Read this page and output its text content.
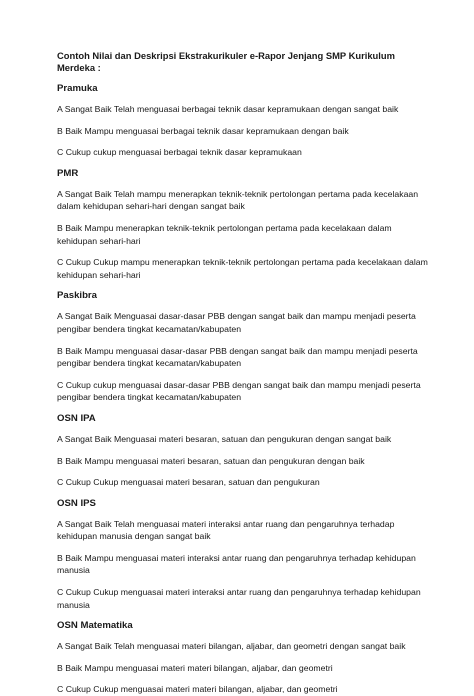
Contoh Nilai dan Deskripsi Ekstrakurikuler e-Rapor Jenjang SMP Kurikulum Merdeka :
Pramuka
A Sangat Baik Telah menguasai berbagai teknik dasar kepramukaan dengan sangat baik
B Baik Mampu menguasai berbagai teknik dasar kepramukaan dengan baik
C Cukup cukup menguasai berbagai teknik dasar kepramukaan
PMR
A Sangat Baik Telah mampu menerapkan teknik-teknik pertolongan pertama pada kecelakaan dalam kehidupan sehari-hari dengan sangat baik
B Baik Mampu menerapkan teknik-teknik pertolongan pertama pada kecelakaan dalam kehidupan sehari-hari
C Cukup Cukup mampu menerapkan teknik-teknik pertolongan pertama pada kecelakaan dalam kehidupan sehari-hari
Paskibra
A Sangat Baik Menguasai dasar-dasar PBB dengan sangat baik dan mampu menjadi peserta pengibar bendera tingkat kecamatan/kabupaten
B Baik Mampu menguasai dasar-dasar PBB dengan sangat baik dan mampu menjadi peserta pengibar bendera tingkat kecamatan/kabupaten
C Cukup cukup menguasai dasar-dasar PBB dengan sangat baik dan mampu menjadi peserta pengibar bendera tingkat kecamatan/kabupaten
OSN IPA
A Sangat Baik Menguasai materi besaran, satuan dan pengukuran dengan sangat baik
B Baik Mampu menguasai materi besaran, satuan dan pengukuran dengan baik
C Cukup Cukup menguasai materi besaran, satuan dan pengukuran
OSN IPS
A Sangat Baik Telah menguasai materi interaksi antar ruang dan pengaruhnya terhadap kehidupan manusia dengan sangat baik
B Baik Mampu menguasai materi interaksi antar ruang dan pengaruhnya terhadap kehidupan manusia
C Cukup Cukup menguasai materi interaksi antar ruang dan pengaruhnya terhadap kehidupan manusia
OSN Matematika
A Sangat Baik Telah menguasai materi bilangan, aljabar, dan geometri dengan sangat baik
B Baik Mampu menguasai materi materi bilangan, aljabar, dan geometri
C Cukup Cukup menguasai materi materi bilangan, aljabar, dan geometri
